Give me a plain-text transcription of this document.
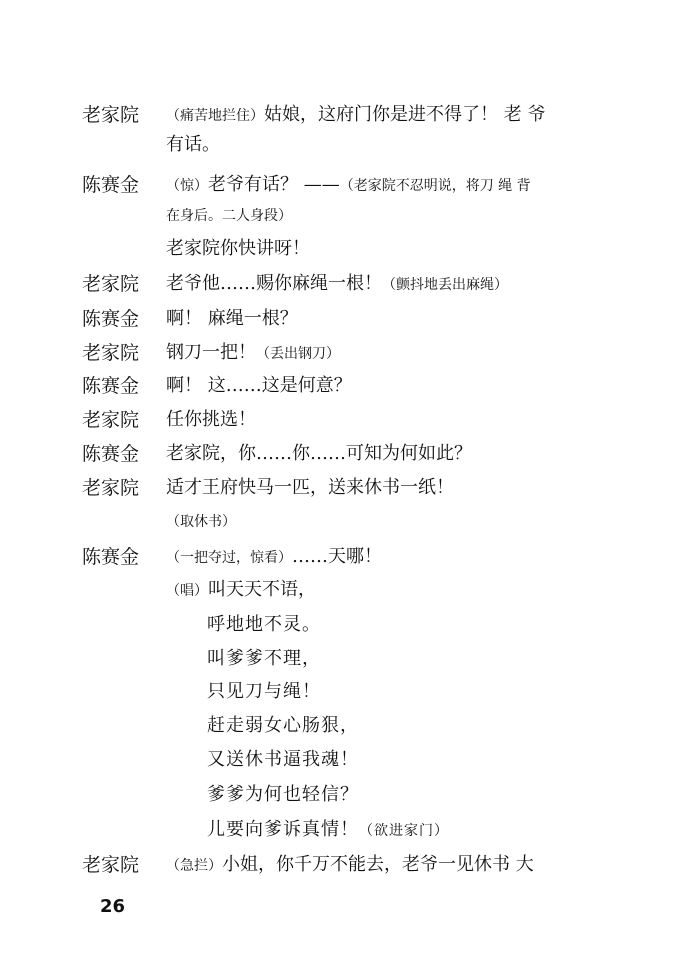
老家院	（痛苦地拦住）姑娘，这府门你是进不得了！ 老 爷
有话。
陈赛金	（惊）老爷有话？ ——（老家院不忍明说，将刀 绳 背
在身后。二人身段）
老家院你快讲呀！
老家院	老爷他……赐你麻绳一根！（颤抖地丢出麻绳）
陈赛金	啊！ 麻绳一根？
老家院	钢刀一把！（丢出钢刀）
陈赛金	啊！ 这……这是何意？
老家院	任你挑选！
陈赛金	老家院，你……你……可知为何如此？
老家院	适才王府快马一匹，送来休书一纸！
（取休书）
陈赛金	（一把夺过，惊看）……天哪！
（唱）叫天天不语，
呼地地不灵。
叫爹爹不理，
只见刀与绳！
赶走弱女心肠狠，
又送休书逼我魂！
爹爹为何也轻信？
儿要向爹诉真情！（欲进家门）
老家院	（急拦）小姐，你千万不能去，老爷一见休书 大
26
